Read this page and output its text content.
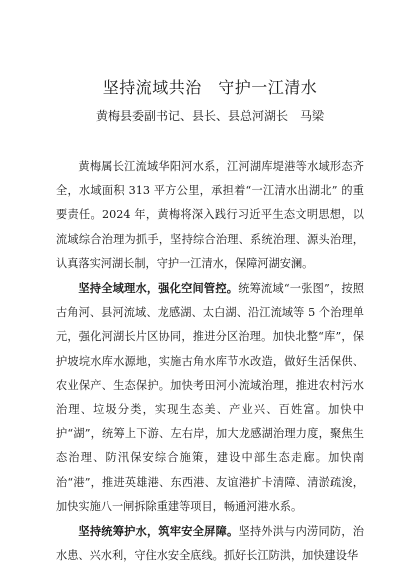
坚持流域共治　守护一江清水
黄梅县委副书记、县长、县总河湖长　马梁

黄梅属长江流域华阳河水系，江河湖库堤港等水域形态齐全，水域面积 313 平方公里，承担着“一江清水出湖北” 的重要责任。2024 年，黄梅将深入践行习近平生态文明思想，以流域综合治理为抓手，坚持综合治理、系统治理、源头治理，认真落实河湖长制，守护一江清水，保障河湖安澜。

坚持全域理水，强化空间管控。统筹流域“一张图”，按照古角河、县河流域、龙感湖、太白湖、沿江流域等 5 个治理单元，强化河湖长片区协同，推进分区治理。加快北整“库”，保护坡垸水库水源地，实施古角水库节水改造，做好生活保供、农业保产、生态保护。加快考田河小流域治理，推进农村污水治理、垃圾分类，实现生态美、产业兴、百姓富。加快中护“湖”，统筹上下游、左右岸，加大龙感湖治理力度，聚焦生态治理、防汛保安综合施策，建设中部生态走廊。加快南治“港”，推进英雄港、东西港、友谊港扩卡清障、清淤疏浚，加快实施八一闸拆除重建等项目，畅通河港水系。

坚持统筹护水，筑牢安全屏障。坚持外洪与内涝同防，治水患、兴水利，守住水安全底线。抓好长江防洪，加快建设华
